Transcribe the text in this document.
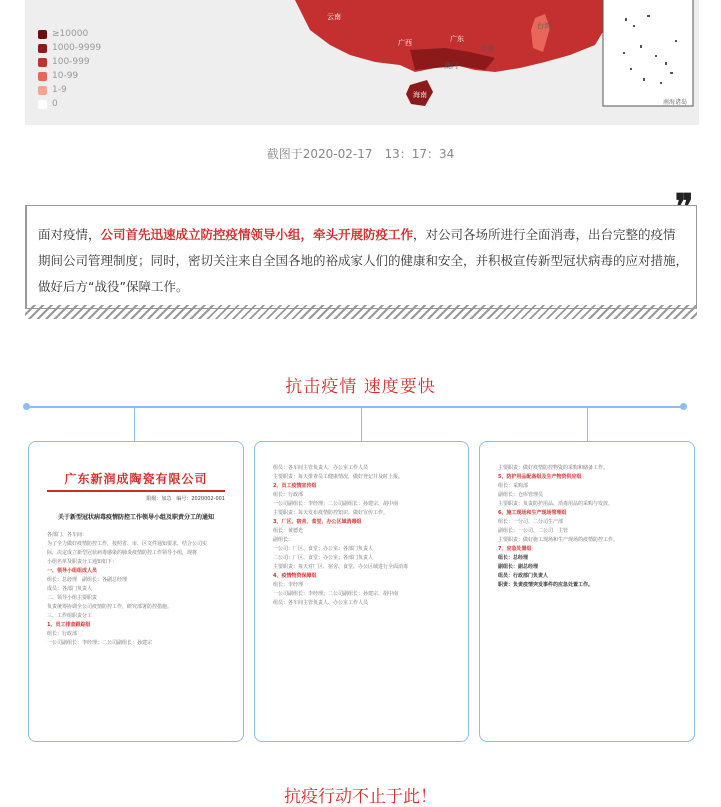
云南
广西	广东
台湾
香港
澳门
海南
南海诸岛
≥10000
1000-9999
100-999
10-99
1-9
0
截图于2020-02-17　13：17：34
❞
面对疫情，公司首先迅速成立防控疫情领导小组，牵头开展防疫工作，对公司各场所进行全面消毒，出台完整的疫情期间公司管理制度；同时，密切关注来自全国各地的裕成家人们的健康和安全，并积极宣传新型冠状病毒的应对措施，做好后方“战役”保障工作。
抗击疫情 速度要快
广东新润成陶瓷有限公司
限级：加急　编号：2020002-001
关于新型冠状病毒疫情防控工作领导小组及职责分工的通知
各部门、各车间：
为了全力做好疫情防控工作，按照省、市、区文件通知要求，结合公司实
际，决定成立新型冠状病毒感染的肺炎疫情防控工作领导小组，现将
小组名单及职责分工通知如下：
一、领导小组组成人员
组长：总经理　副组长：各副总经理
成员：各部门负责人
二、领导小组主要职责
负责统筹协调全公司疫情防控工作，研究部署防控措施。
三、工作组职责分工
1、员工排查跟踪组
组长：行政部
一公司副组长：李经理；二公司副组长：孙建宗
组员：各车间主管负责人、办公室工作人员
主要职责：每天排查员工健康情况，做好登记并及时上报。
2、员工疫情宣传组
组长：行政部
一公司副组长：李经理；二公司副组长：孙建宗、胡中南
主要职责：每天发布疫情防控知识，做好宣传工作。
3、厂区、宿舍、食堂、办公区域消毒组
组长：黄德光
副组长：
一公司：厂区、食堂；办公室：各部门负责人
二公司：厂区、食堂；办公室；各部门负责人
主要职责：每天对厂区、宿舍、食堂、办公区域进行全面消毒
4、疫情物资保障组
组长：李经理
一公司副组长：李经理；二公司副组长：孙建宗、胡中南
组员：各车间主管负责人、办公室工作人员
主要职责：做好疫情防控物资的采购和储备工作。
5、防护用品配备组及生产物资供应组
组长：采购部
副组长：仓库管理员
主要职责：负责防护用品、消毒用品的采购与发放。
6、施工现场和生产现场管理组
组长：一分司、二分司生产部
副组长：一公司、二公司　主管
主要职责：做好施工现场和生产现场的疫情防控工作。
7、应急处置组
组长：总经理
副组长：副总经理
组员：行政部门负责人
职责：负责疫情突发事件的应急处置工作。
抗疫行动不止于此！
